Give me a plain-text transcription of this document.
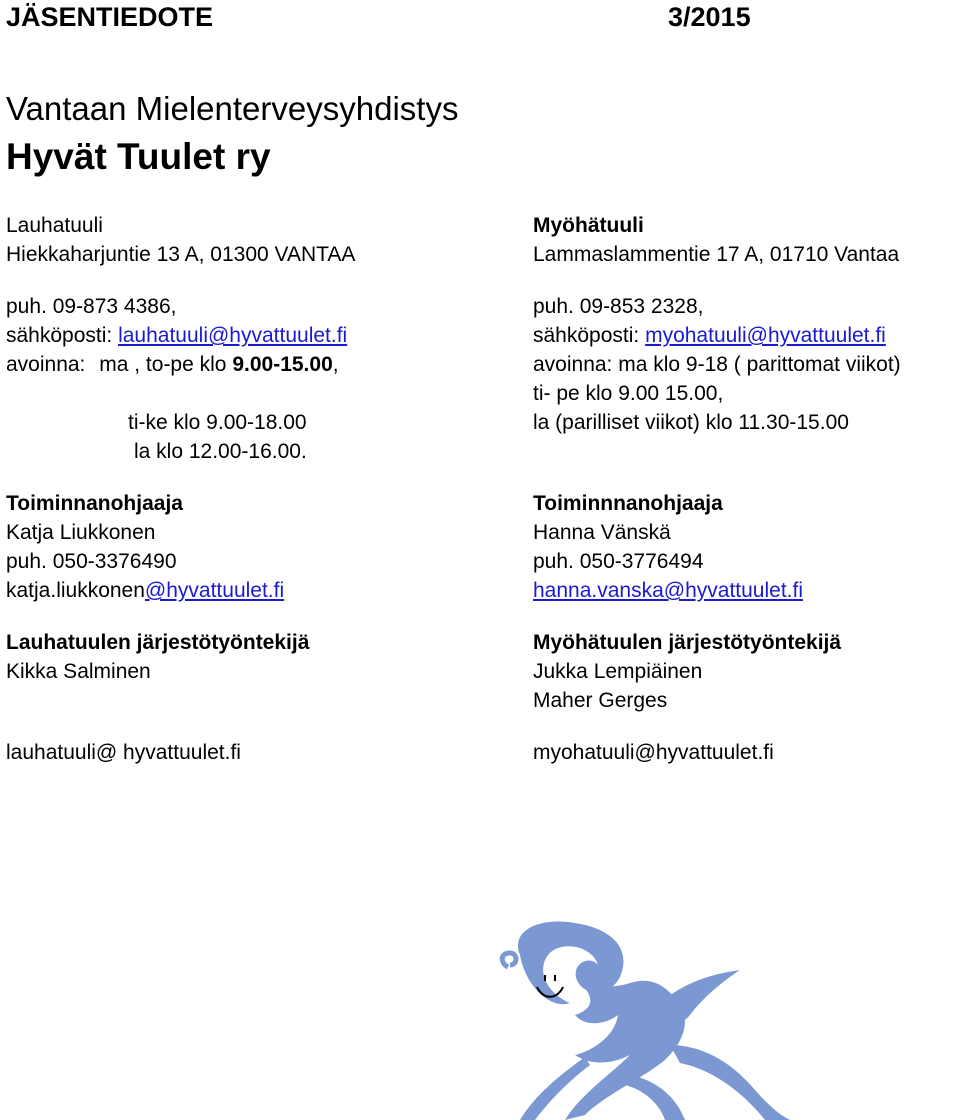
JÄSENTIEDOTE	3/2015
Vantaan Mielenterveysyhdistys
Hyvät Tuulet ry
Lauhatuuli
Hiekkaharjuntie 13 A, 01300 VANTAA
puh. 09-873 4386,
sähköposti: lauhatuuli@hyvattuulet.fi
avoinna: ma , to-pe klo 9.00-15.00,
ti-ke klo 9.00-18.00
la klo 12.00-16.00.
Toiminnanohjaaja
Katja Liukkonen
puh. 050-3376490
katja.liukkonen@hyvattuulet.fi
Lauhatuulen järjestötyöntekijä
Kikka Salminen
lauhatuuli@ hyvattuulet.fi
Myöhätuuli
Lammaslammentie 17 A, 01710 Vantaa
puh. 09-853 2328,
sähköposti: myohatuuli@hyvattuulet.fi
avoinna: ma klo 9-18 ( parittomat viikot)
ti- pe klo 9.00 15.00,
la (parilliset viikot) klo 11.30-15.00
Toiminnnanohjaaja
Hanna Vänskä
puh. 050-3776494
hanna.vanska@hyvattuulet.fi
Myöhätuulen järjestötyöntekijä
Jukka Lempiäinen
Maher Gerges
myohatuuli@hyvattuulet.fi
